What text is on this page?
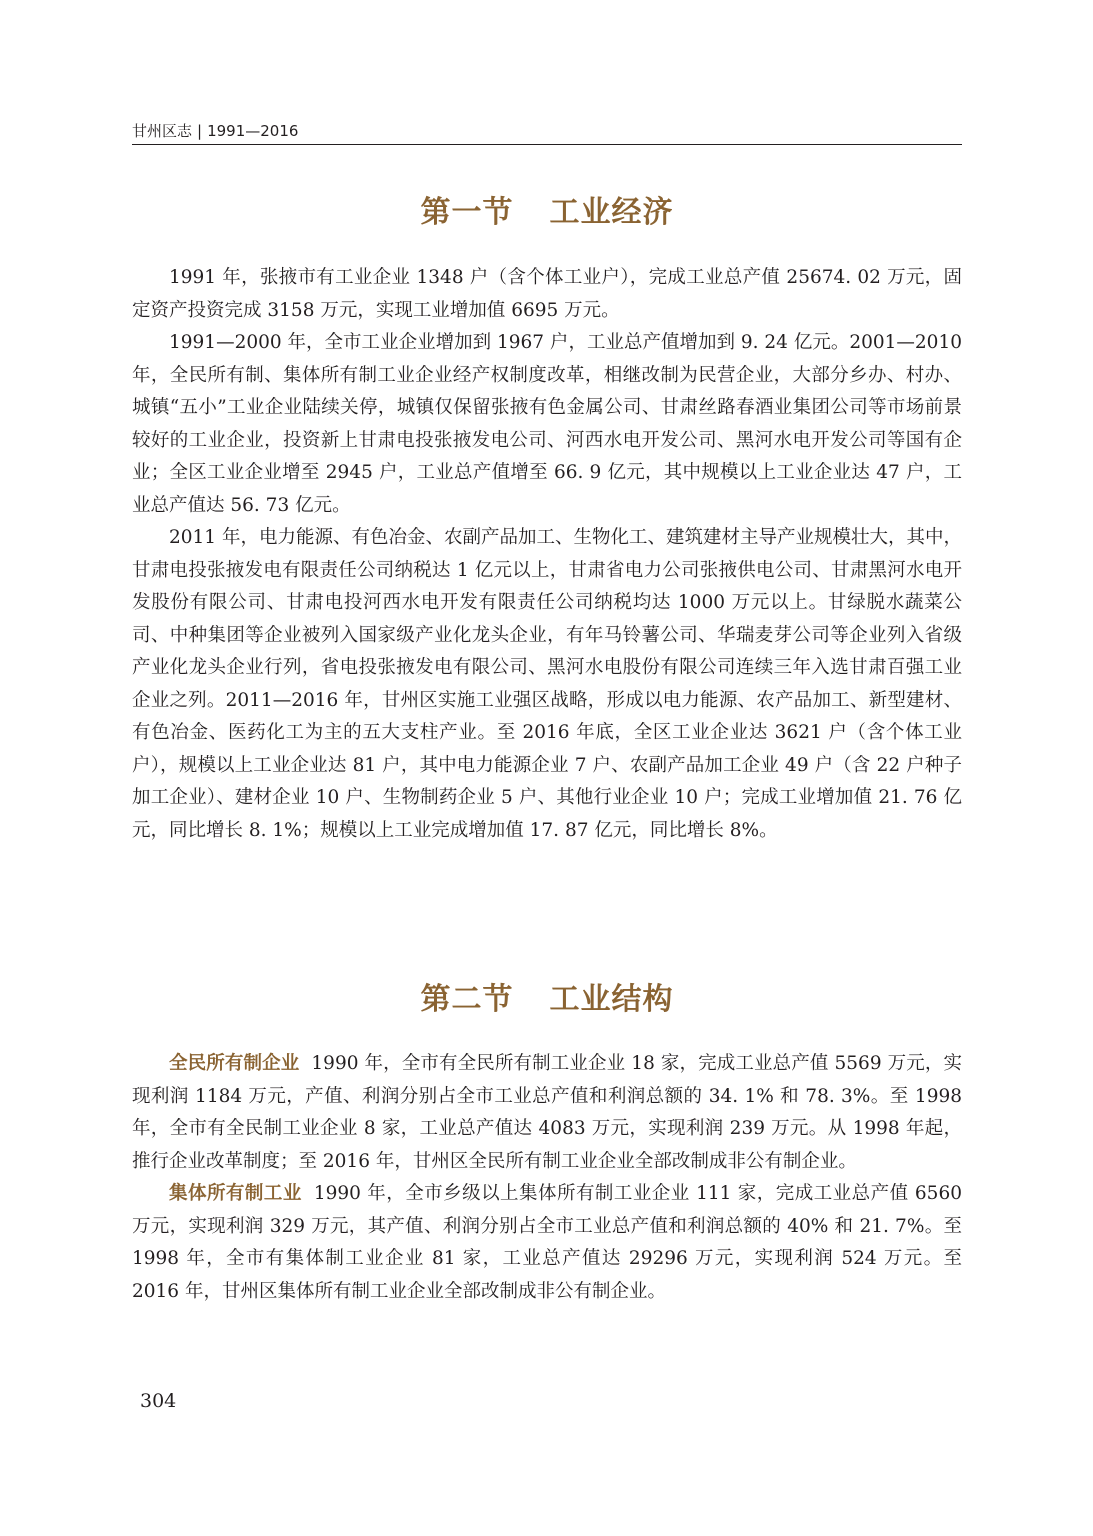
甘州区志 | 1991—2016
第一节 工业经济

1991 年，张掖市有工业企业 1348 户（含个体工业户），完成工业总产值 25674. 02 万元，固定资产投资完成 3158 万元，实现工业增加值 6695 万元。

1991—2000 年，全市工业企业增加到 1967 户，工业总产值增加到 9. 24 亿元。2001—2010 年，全民所有制、集体所有制工业企业经产权制度改革，相继改制为民营企业，大部分乡办、村办、城镇“五小”工业企业陆续关停，城镇仅保留张掖有色金属公司、甘肃丝路春酒业集团公司等市场前景较好的工业企业，投资新上甘肃电投张掖发电公司、河西水电开发公司、黑河水电开发公司等国有企业；全区工业企业增至 2945 户，工业总产值增至 66. 9 亿元，其中规模以上工业企业达 47 户，工业总产值达 56. 73 亿元。

2011 年，电力能源、有色冶金、农副产品加工、生物化工、建筑建材主导产业规模壮大，其中，甘肃电投张掖发电有限责任公司纳税达 1 亿元以上，甘肃省电力公司张掖供电公司、甘肃黑河水电开发股份有限公司、甘肃电投河西水电开发有限责任公司纳税均达 1000 万元以上。甘绿脱水蔬菜公司、中种集团等企业被列入国家级产业化龙头企业，有年马铃薯公司、华瑞麦芽公司等企业列入省级产业化龙头企业行列，省电投张掖发电有限公司、黑河水电股份有限公司连续三年入选甘肃百强工业企业之列。2011—2016 年，甘州区实施工业强区战略，形成以电力能源、农产品加工、新型建材、有色冶金、医药化工为主的五大支柱产业。至 2016 年底，全区工业企业达 3621 户（含个体工业户），规模以上工业企业达 81 户，其中电力能源企业 7 户、农副产品加工企业 49 户（含 22 户种子加工企业）、建材企业 10 户、生物制药企业 5 户、其他行业企业 10 户；完成工业增加值 21. 76 亿元，同比增长 8. 1%；规模以上工业完成增加值 17. 87 亿元，同比增长 8%。

第二节 工业结构

全民所有制企业 1990 年，全市有全民所有制工业企业 18 家，完成工业总产值 5569 万元，实现利润 1184 万元，产值、利润分别占全市工业总产值和利润总额的 34. 1% 和 78. 3%。至 1998 年，全市有全民制工业企业 8 家，工业总产值达 4083 万元，实现利润 239 万元。从 1998 年起，推行企业改革制度；至 2016 年，甘州区全民所有制工业企业全部改制成非公有制企业。

集体所有制工业 1990 年，全市乡级以上集体所有制工业企业 111 家，完成工业总产值 6560 万元，实现利润 329 万元，其产值、利润分别占全市工业总产值和利润总额的 40% 和 21. 7%。至 1998 年，全市有集体制工业企业 81 家，工业总产值达 29296 万元，实现利润 524 万元。至 2016 年，甘州区集体所有制工业企业全部改制成非公有制企业。

304
